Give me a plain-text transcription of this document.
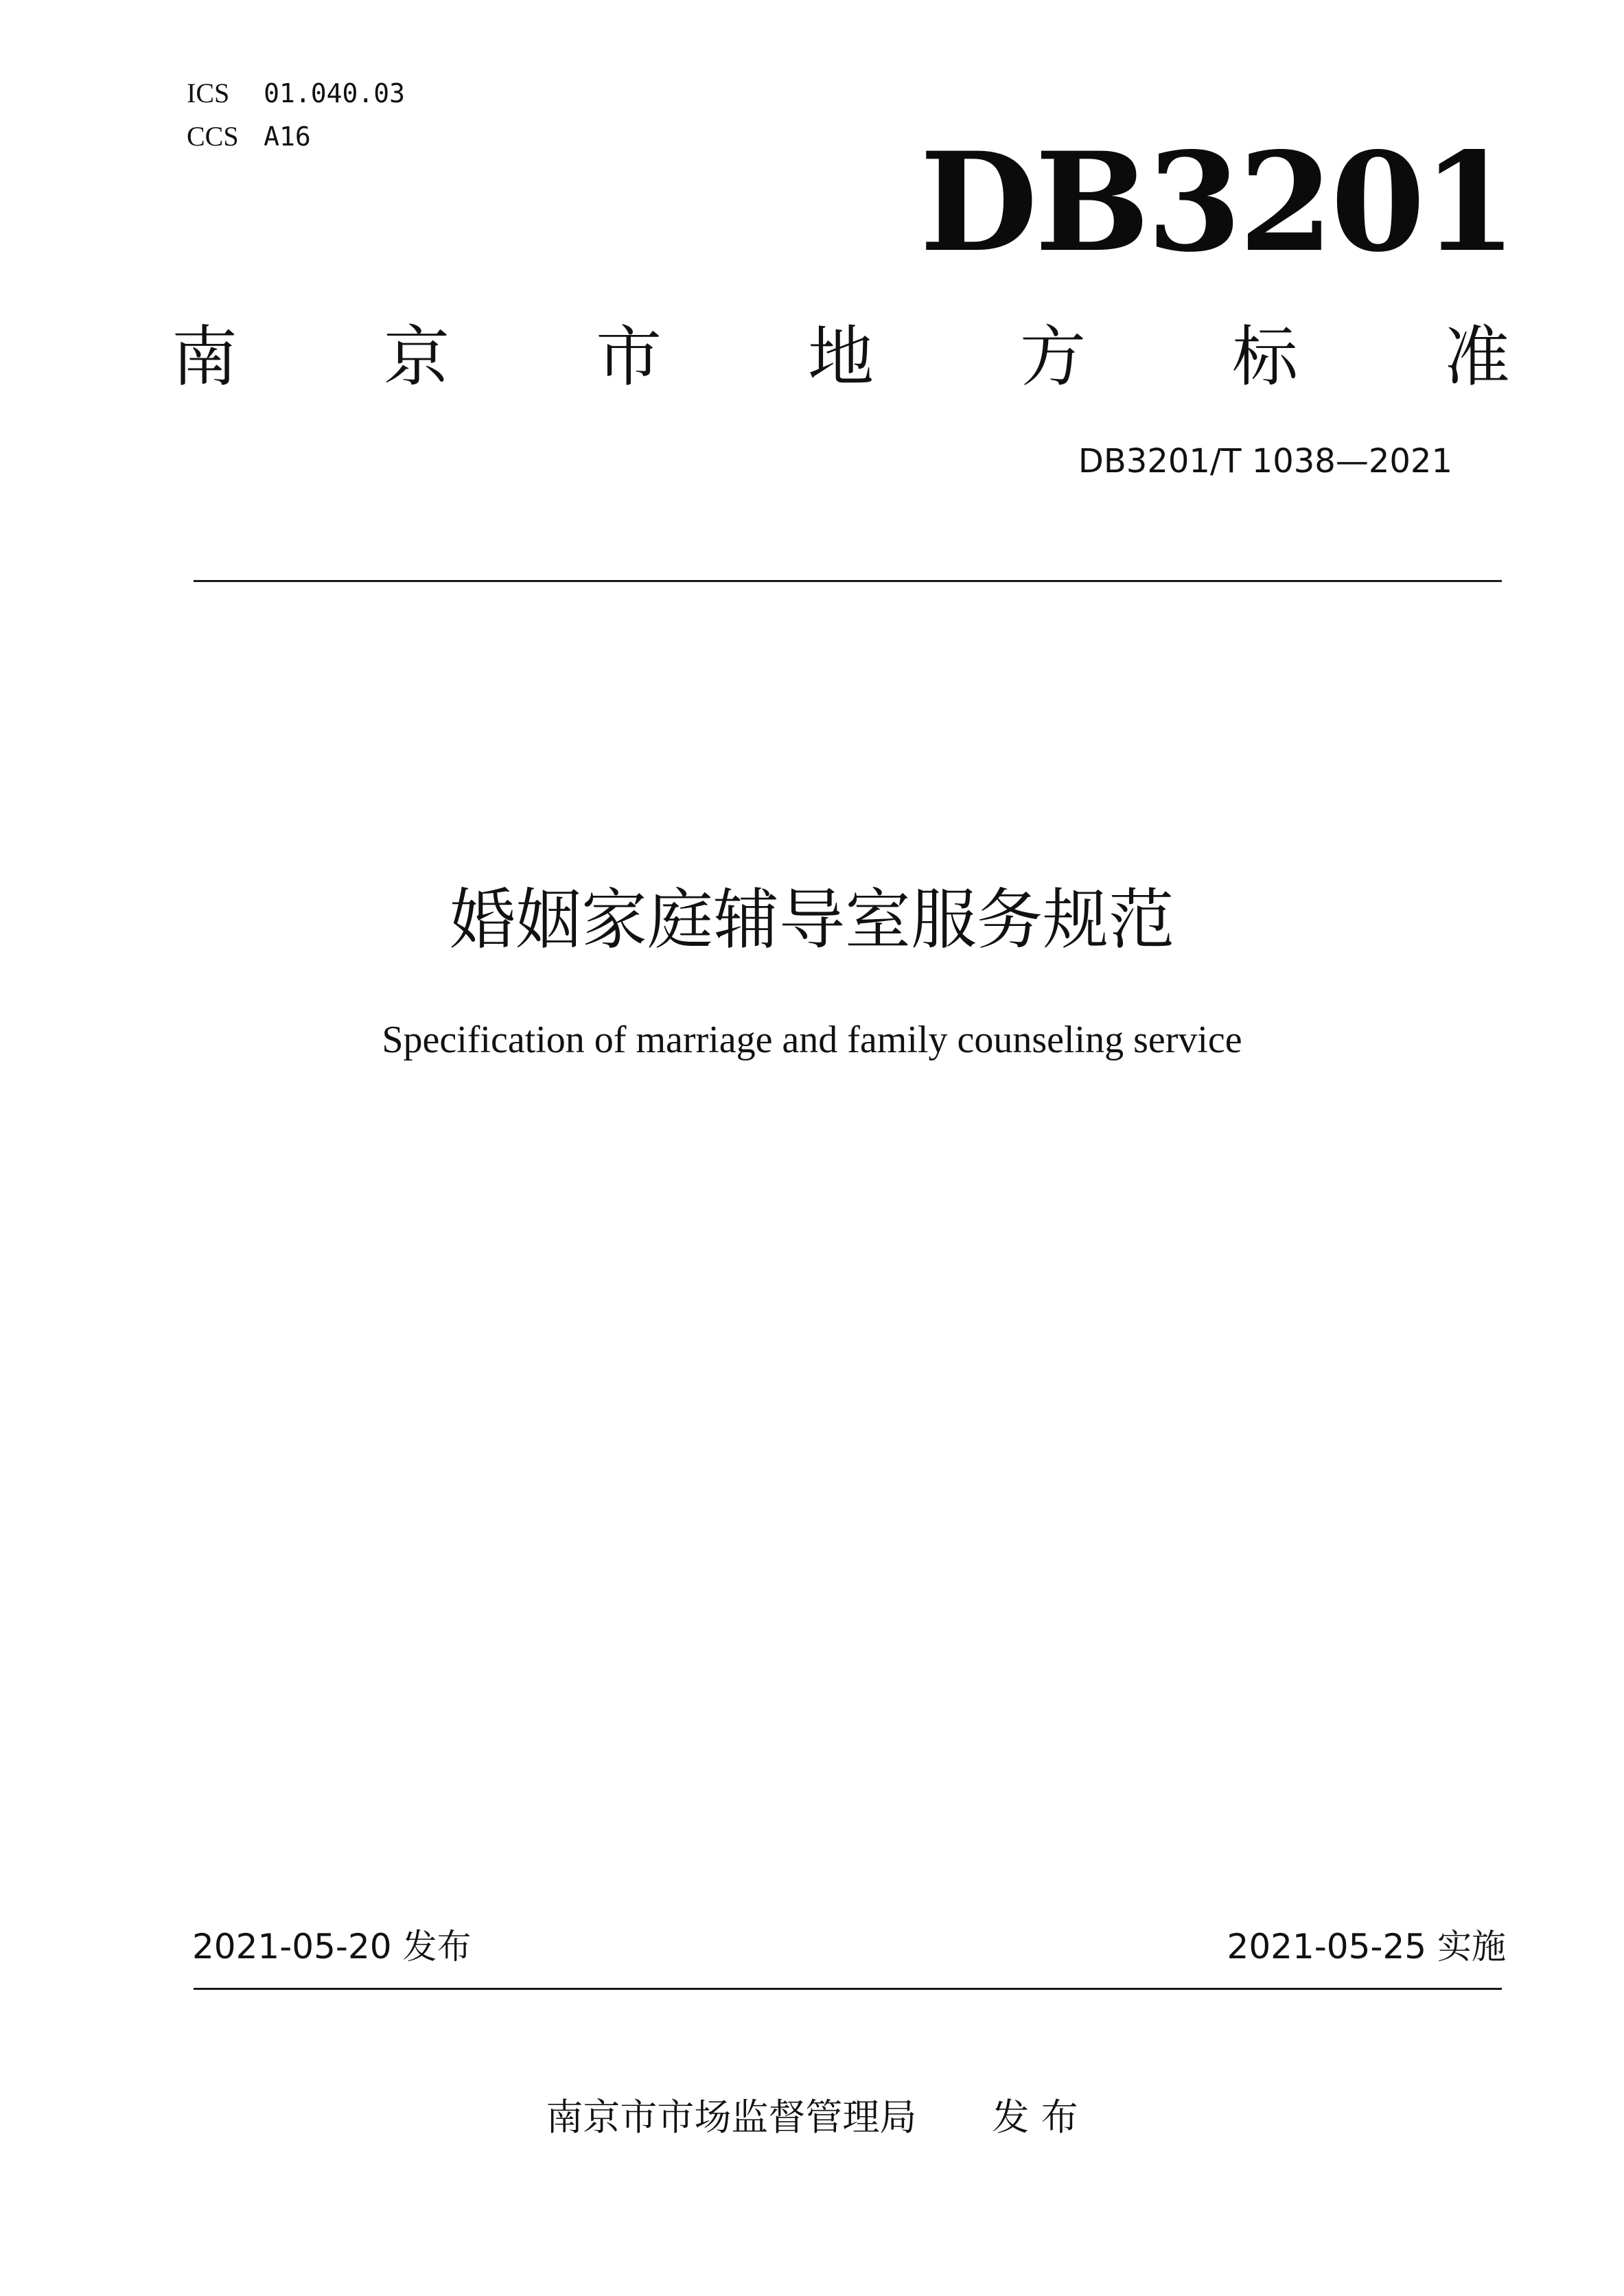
ICS 01.040.03
CCS A16	DB3201
南 京 市 地 方 标 准
DB3201/T 1038—2021
婚姻家庭辅导室服务规范
Specification of marriage and family counseling service
2021-05-20 发布	2021-05-25 实施
南京市市场监督管理局 发 布
